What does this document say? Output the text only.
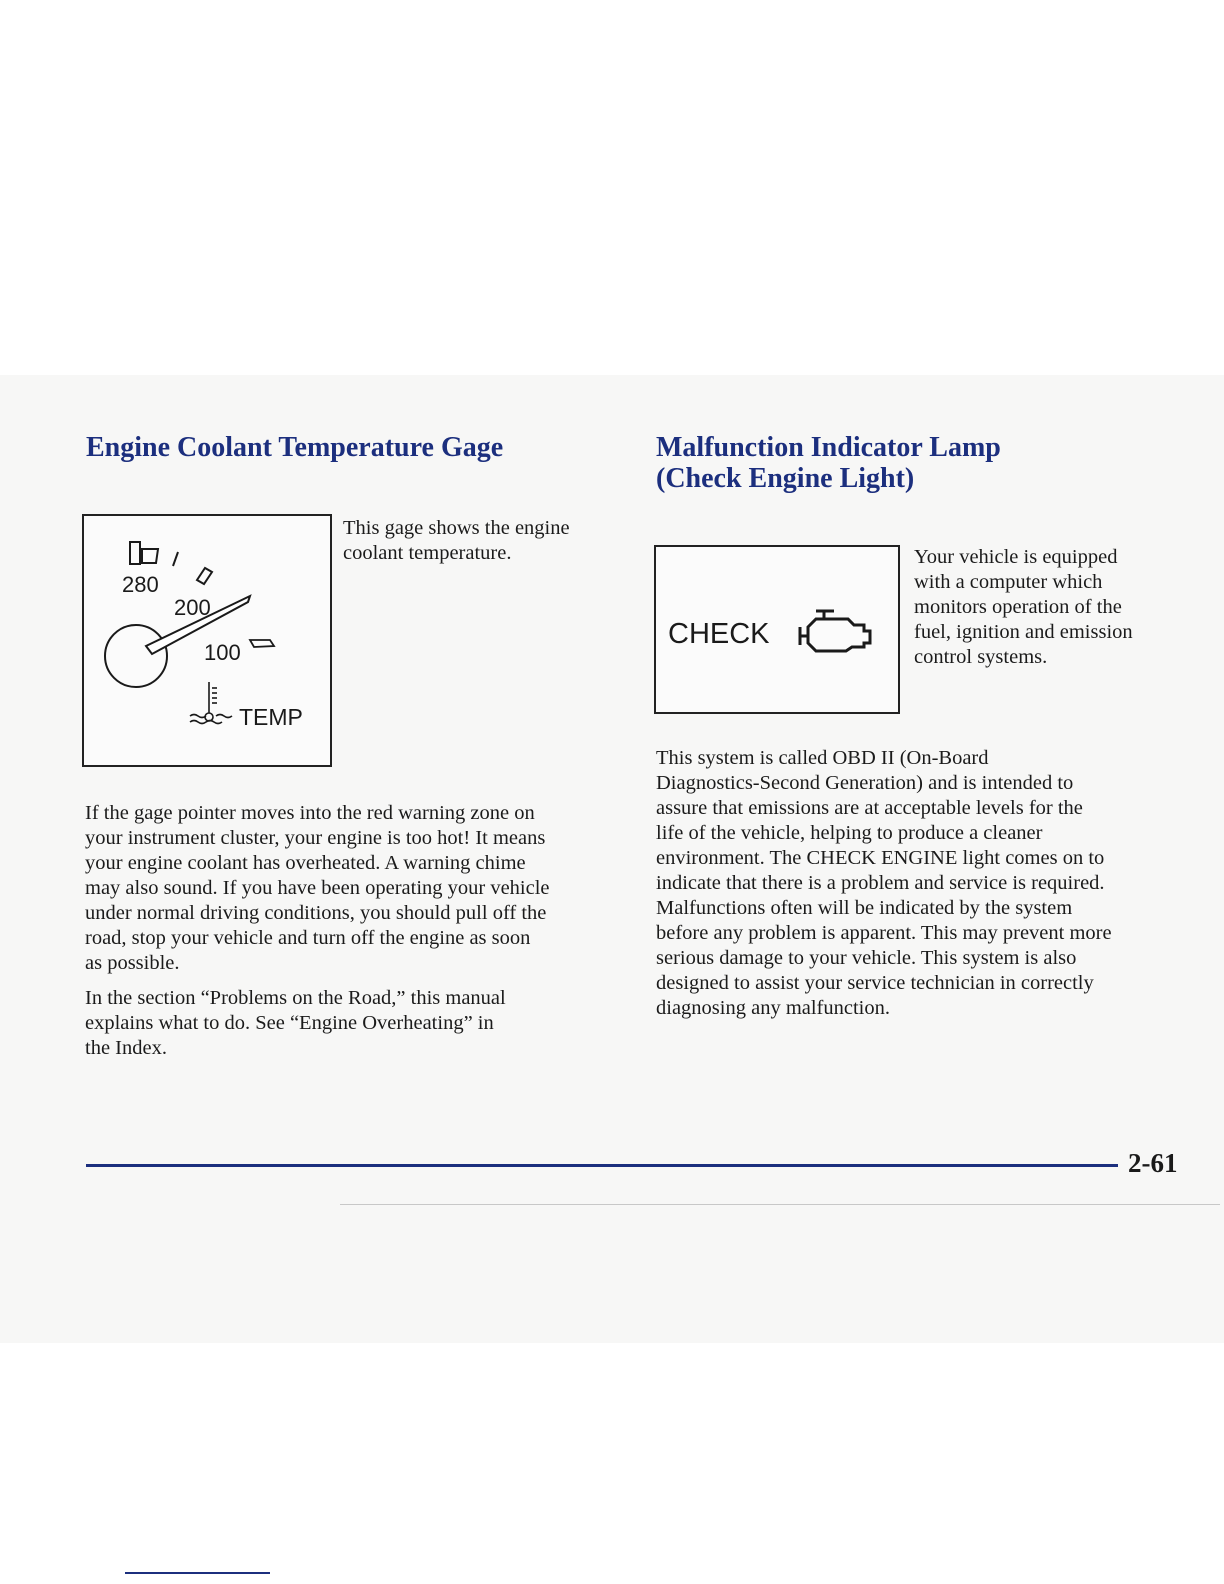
Engine Coolant Temperature Gage
280
200
100
TEMP

This gage shows the engine
coolant temperature.

If the gage pointer moves into the red warning zone on
your instrument cluster, your engine is too hot! It means
your engine coolant has overheated. A warning chime
may also sound. If you have been operating your vehicle
under normal driving conditions, you should pull off the
road, stop your vehicle and turn off the engine as soon
as possible.

In the section “Problems on the Road,” this manual
explains what to do. See “Engine Overheating” in
the Index.

Malfunction Indicator Lamp
(Check Engine Light)
CHECK

Your vehicle is equipped
with a computer which
monitors operation of the
fuel, ignition and emission
control systems.

This system is called OBD II (On-Board
Diagnostics-Second Generation) and is intended to
assure that emissions are at acceptable levels for the
life of the vehicle, helping to produce a cleaner
environment. The CHECK ENGINE light comes on to
indicate that there is a problem and service is required.
Malfunctions often will be indicated by the system
before any problem is apparent. This may prevent more
serious damage to your vehicle. This system is also
designed to assist your service technician in correctly
diagnosing any malfunction.

2-61
